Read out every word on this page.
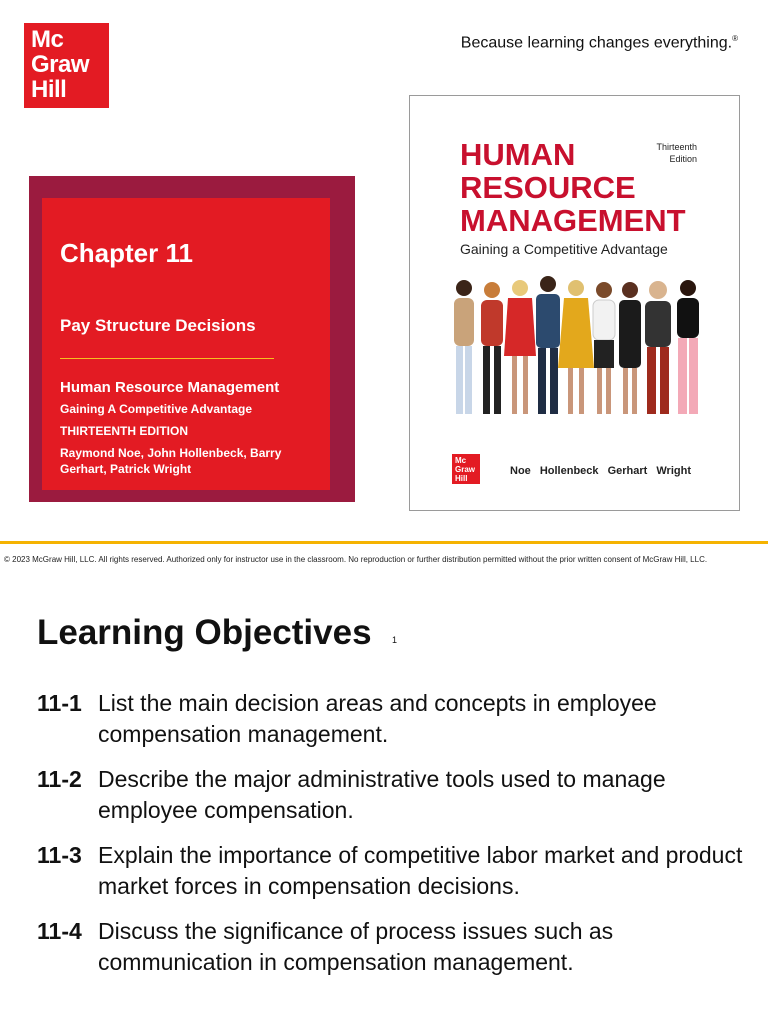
Mc
Graw
Hill
Because learning changes everything.®
Chapter 11
Pay Structure Decisions
Human Resource Management
Gaining A Competitive Advantage
THIRTEENTH EDITION
Raymond Noe, John Hollenbeck, Barry Gerhart, Patrick Wright
HUMAN
RESOURCE
MANAGEMENT
Thirteenth
Edition
Gaining a Competitive Advantage
Mc
Graw
Hill
Noe Hollenbeck Gerhart Wright
© 2023 McGraw Hill, LLC. All rights reserved. Authorized only for instructor use in the classroom. No reproduction or further distribution permitted without the prior written consent of McGraw Hill, LLC.
Learning Objectives 1
11-1 List the main decision areas and concepts in employee compensation management.
11-2 Describe the major administrative tools used to manage employee compensation.
11-3 Explain the importance of competitive labor market and product market forces in compensation decisions.
11-4 Discuss the significance of process issues such as communication in compensation management.
